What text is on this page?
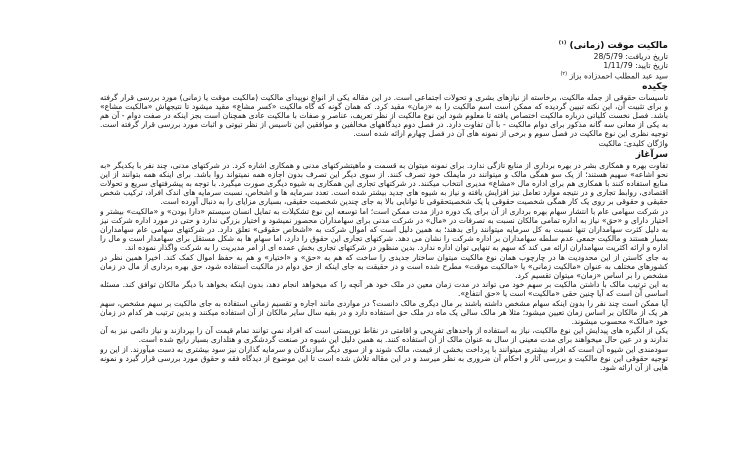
مالکیت موقت (زمانی) $^{(۱)}$
تاریخ دریافت: 28/5/79
تاریخ تایید: 1/11/79
سید عبد المطلب احمدزاده بزاز $^{(۲)}$
چکیده

تاسیسات حقوقی از جمله مالکیت، برخاسته از نیازهای بشری و تحولات اجتماعی است. در این مقاله یکی از انواع نوپیدای مالکیت (مالکیت موقت یا زمانی) مورد بررسی قرار گرفته و برای تثبیت آن، این نکته تبیین گردیده که ممکن است اسم مالکیت را به «زمان» مقید کرد. که همان گونه که گاه مالکیت «کسر مشاع» مقید میشود تا نتیجهاش «مالکیت مشاع» باشد. فصل نخست کلیاتی درباره مالکیت اختصاص یافته تا معلوم شود این نوع مالکیت از نظر تعریف، عناصر و صفات با مالکیت عادی همچنان است بجز اینکه در صفت دوام - آن هم به یکی از معانی سه گانه مذکور برای دوام مالکیت - با آن تفاوت دارد. در فصل دوم دیدگاههای مخالفین و موافقین این تاسیس از نظر تیوتی و اثبات مورد بررسی قرار گرفته است. توجیه نظری این نوع مالکیت در فصل سوم و برخی از نمونه های آن در فصل چهارم ارائه شده است.

واژگان کلیدی: مالکیت
سرآغاز

تفاوت بهره و همکاری بشر در بهره برداری از منابع تازگی ندارد. برای نمونه میتوان به قسمت و ماهیتشرکتهای مدنی و همکاری اشاره کرد. در شرکتهای مدنی، چند نفر با یکدیگر «به نحو اشاعه» سهیم هستند؛ از یک سو همگی مالک و میتوانند در مایملک خود تصرف کنند. از سوی دیگر این تصرف بدون اجازه همه نمیتواند روا باشد. برای اینکه همه بتوانند از این منابع استفاده کنند با همکاری هم برای اداره مال «مشاع» مدیری انتخاب میکنند. در شرکتهای تجاری این همکاری به شیوه دیگری صورت میگیرد. با توجه به پیشرفتهای سریع و تحولات اقتصادی، روابط تجاری و در نتیجه موارد تعامل نیز افزایش یافته و نیاز به شیوه های جدید بیشتر شده است. تعدد سرمایه ها و اشخاص، نسبت سرمایه های اندک افراد، ترکیب شخص حقیقی و حقوقی بر روی یک کار همگی شخصیت حقوقی یا یک شخصیتحقوقی تا توانایی بالا به جای چندین شخصیت حقیقی، بسیاری مزایای را به دنبال آورده است.

در شرکت سهامی عام با انتشار سهام بهره برداری از آن برای یک دوره دراز مدت ممکن است؛ اما توسعه این نوع تشکیلات به تمایل انسان سیستم «دارا بودن» و «مالکیت» بیشتر و اختیار دارای و «حق» نیاز به اداره تمامی مالکان نسبت به تصرفات در «مال» در شرکت مدنی برای سهامداران محصور نمیشود و اختیار بزرگی ندارد و حتی در مورد اداره شرکت نیز به دلیل کثرت سهامداران تنها نسبت به کل سرمایه میتوانند رای بدهند؛ به همین دلیل است که اموال شرکت به «اشخاص حقوقی» تعلق دارد. در شرکتهای سهامی عام سهامداران بسیار هستند و مالکیت جمعی عدم سلطه سهامداران بر اداره شرکت را نشان می دهد. شرکتهای تجاری این حقوق را دارد، اما سهام ها به شکل مستقل برای سهامدار است و مال را اداره و ارائه اکثریت سهامداران ارائه می کند که سهم به تنهایی توان اداره ندارد. بدین منظور در شرکتهای تجاری بخش عمده ای از امر مدیریت را به شرکت واگذار نموده اند.

به جای کاستن از این محدودیت ها در چارچوب همان نوع مالکیت میتوان ساختار جدیدی را ساخت که هم به «حق» و «اختیار» و هم به حفظ اموال کمک کند. اخیرا همین نظر در کشورهای مختلف به عنوان «مالکیت زمانی» یا «مالکیت موقت» مطرح شده است و در حقیقت به جای اینکه از حق دوام در مالکیت استفاده شود، حق بهره برداری از مال در زمان مشخص را بر اساس «زمان» میتوان تقسیم کرد.

به این ترتیب مالک با داشتن مالکیت بر سهم خود می تواند در مدت زمان معین در ملک خود هر آنچه را که میخواهد انجام دهد، بدون اینکه بخواهد با دیگر مالکان توافق کند. مسئله اساسی آن است که آیا چنین حقی «مالکیت» است یا «حق انتفاع».

آیا ممکن است چند نفر را بدون اینکه سهام مشخص داشته باشند بر مال دیگری مالک دانست؟ در مواردی مانند اجاره و تقسیم زمانی استفاده به جای مالکیت بر سهم مشخص، سهم هر یک از مالکان بر اساس زمان تعیین میشود؛ مثلا هر مالک سالی یک ماه در ملک حق استفاده دارد و در بقیه سال سایر مالکان از آن استفاده میکنند و بدین ترتیب هر کدام در زمان خود «مالک» محسوب میشوند.

یکی از انگیزه های پیدایش این نوع مالکیت، نیاز به استفاده از واحدهای تفریحی و اقامتی در نقاط توریستی است که افراد نمی توانند تمام قیمت آن را بپردازند و نیاز دائمی نیز به آن ندارند و در عین حال میخواهند برای مدت معینی از سال به عنوان مالک از آن استفاده کنند. به همین دلیل این شیوه در صنعت گردشگری و هتلداری بسیار رایج شده است.

سودمندی این شیوه آن است که افراد بیشتری میتوانند با پرداخت بخشی از قیمت، مالک شوند و از سوی دیگر سازندگان و سرمایه گذاران نیز سود بیشتری به دست میآورند. از این رو توجیه حقوقی این نوع مالکیت و بررسی آثار و احکام آن ضروری به نظر میرسد و در این مقاله تلاش شده است تا این موضوع از دیدگاه فقه و حقوق مورد بررسی قرار گیرد و نمونه هایی از آن ارائه شود.
